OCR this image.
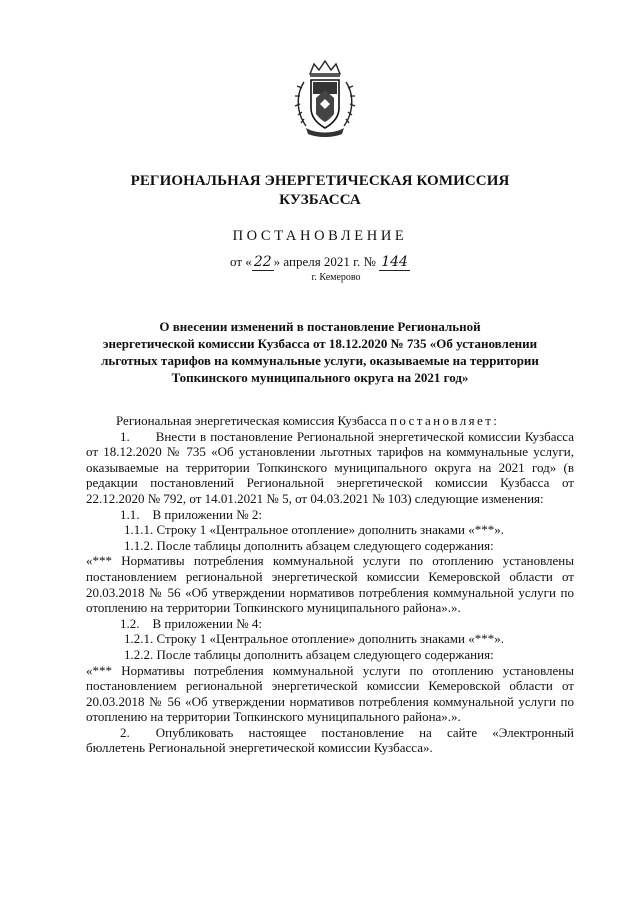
РЕГИОНАЛЬНАЯ ЭНЕРГЕТИЧЕСКАЯ КОМИССИЯ
КУЗБАССА
ПОСТАНОВЛЕНИЕ
от « 22 » апреля 2021 г. № 144
г. Кемерово
О внесении изменений в постановление Региональной
энергетической комиссии Кузбасса от 18.12.2020 № 735 «Об установлении
льготных тарифов на коммунальные услуги, оказываемые на территории
Топкинского муниципального округа на 2021 год»

Региональная энергетическая комиссия Кузбасса постановляет:

1.  Внести в постановление Региональной энергетической комиссии Кузбасса от 18.12.2020 № 735 «Об установлении льготных тарифов на коммунальные услуги, оказываемые на территории Топкинского муниципального округа на 2021 год» (в редакции постановлений Региональной энергетической комиссии Кузбасса от 22.12.2020 № 792, от 14.01.2021 № 5, от 04.03.2021 № 103) следующие изменения:

1.1.  В приложении № 2:

1.1.1. Строку 1 «Центральное отопление» дополнить знаками «***».

1.1.2. После таблицы дополнить абзацем следующего содержания:

«*** Нормативы потребления коммунальной услуги по отоплению установлены постановлением региональной энергетической комиссии Кемеровской области от 20.03.2018 № 56 «Об утверждении нормативов потребления коммунальной услуги по отоплению на территории Топкинского муниципального района».».

1.2.  В приложении № 4:

1.2.1. Строку 1 «Центральное отопление» дополнить знаками «***».

1.2.2. После таблицы дополнить абзацем следующего содержания:

«*** Нормативы потребления коммунальной услуги по отоплению установлены постановлением региональной энергетической комиссии Кемеровской области от 20.03.2018 № 56 «Об утверждении нормативов потребления коммунальной услуги по отоплению на территории Топкинского муниципального района».».

2.  Опубликовать настоящее постановление на сайте «Электронный бюллетень Региональной энергетической комиссии Кузбасса».
